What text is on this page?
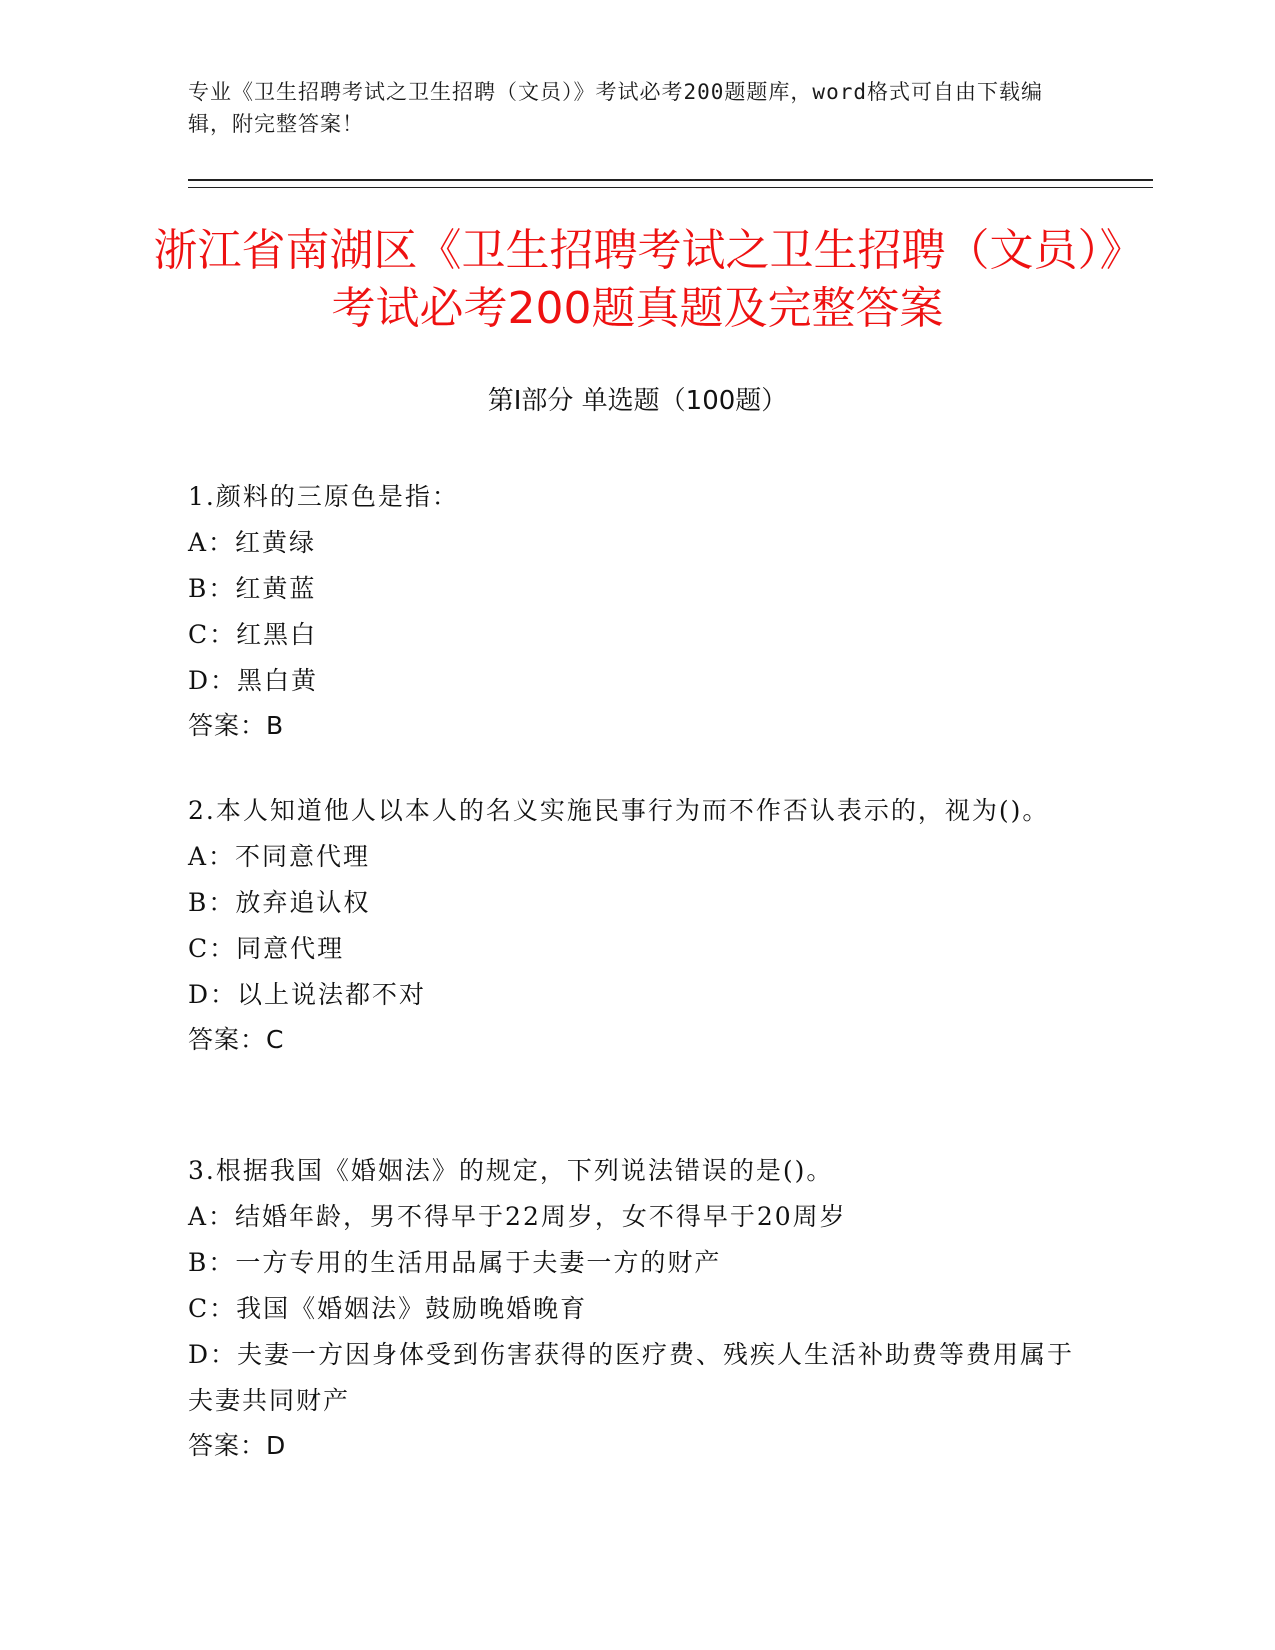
专业《卫生招聘考试之卫生招聘（文员）》考试必考200题题库，word格式可自由下载编辑，附完整答案！
浙江省南湖区《卫生招聘考试之卫生招聘（文员）》考试必考200题真题及完整答案
第Ⅰ部分 单选题（100题）

1.颜料的三原色是指：

A：红黄绿

B：红黄蓝

C：红黑白

D：黑白黄

答案：B

2.本人知道他人以本人的名义实施民事行为而不作否认表示的，视为()。

A：不同意代理

B：放弃追认权

C：同意代理

D：以上说法都不对

答案：C

3.根据我国《婚姻法》的规定，下列说法错误的是()。

A：结婚年龄，男不得早于22周岁，女不得早于20周岁

B：一方专用的生活用品属于夫妻一方的财产

C：我国《婚姻法》鼓励晚婚晚育

D：夫妻一方因身体受到伤害获得的医疗费、残疾人生活补助费等费用属于夫妻共同财产

答案：D
